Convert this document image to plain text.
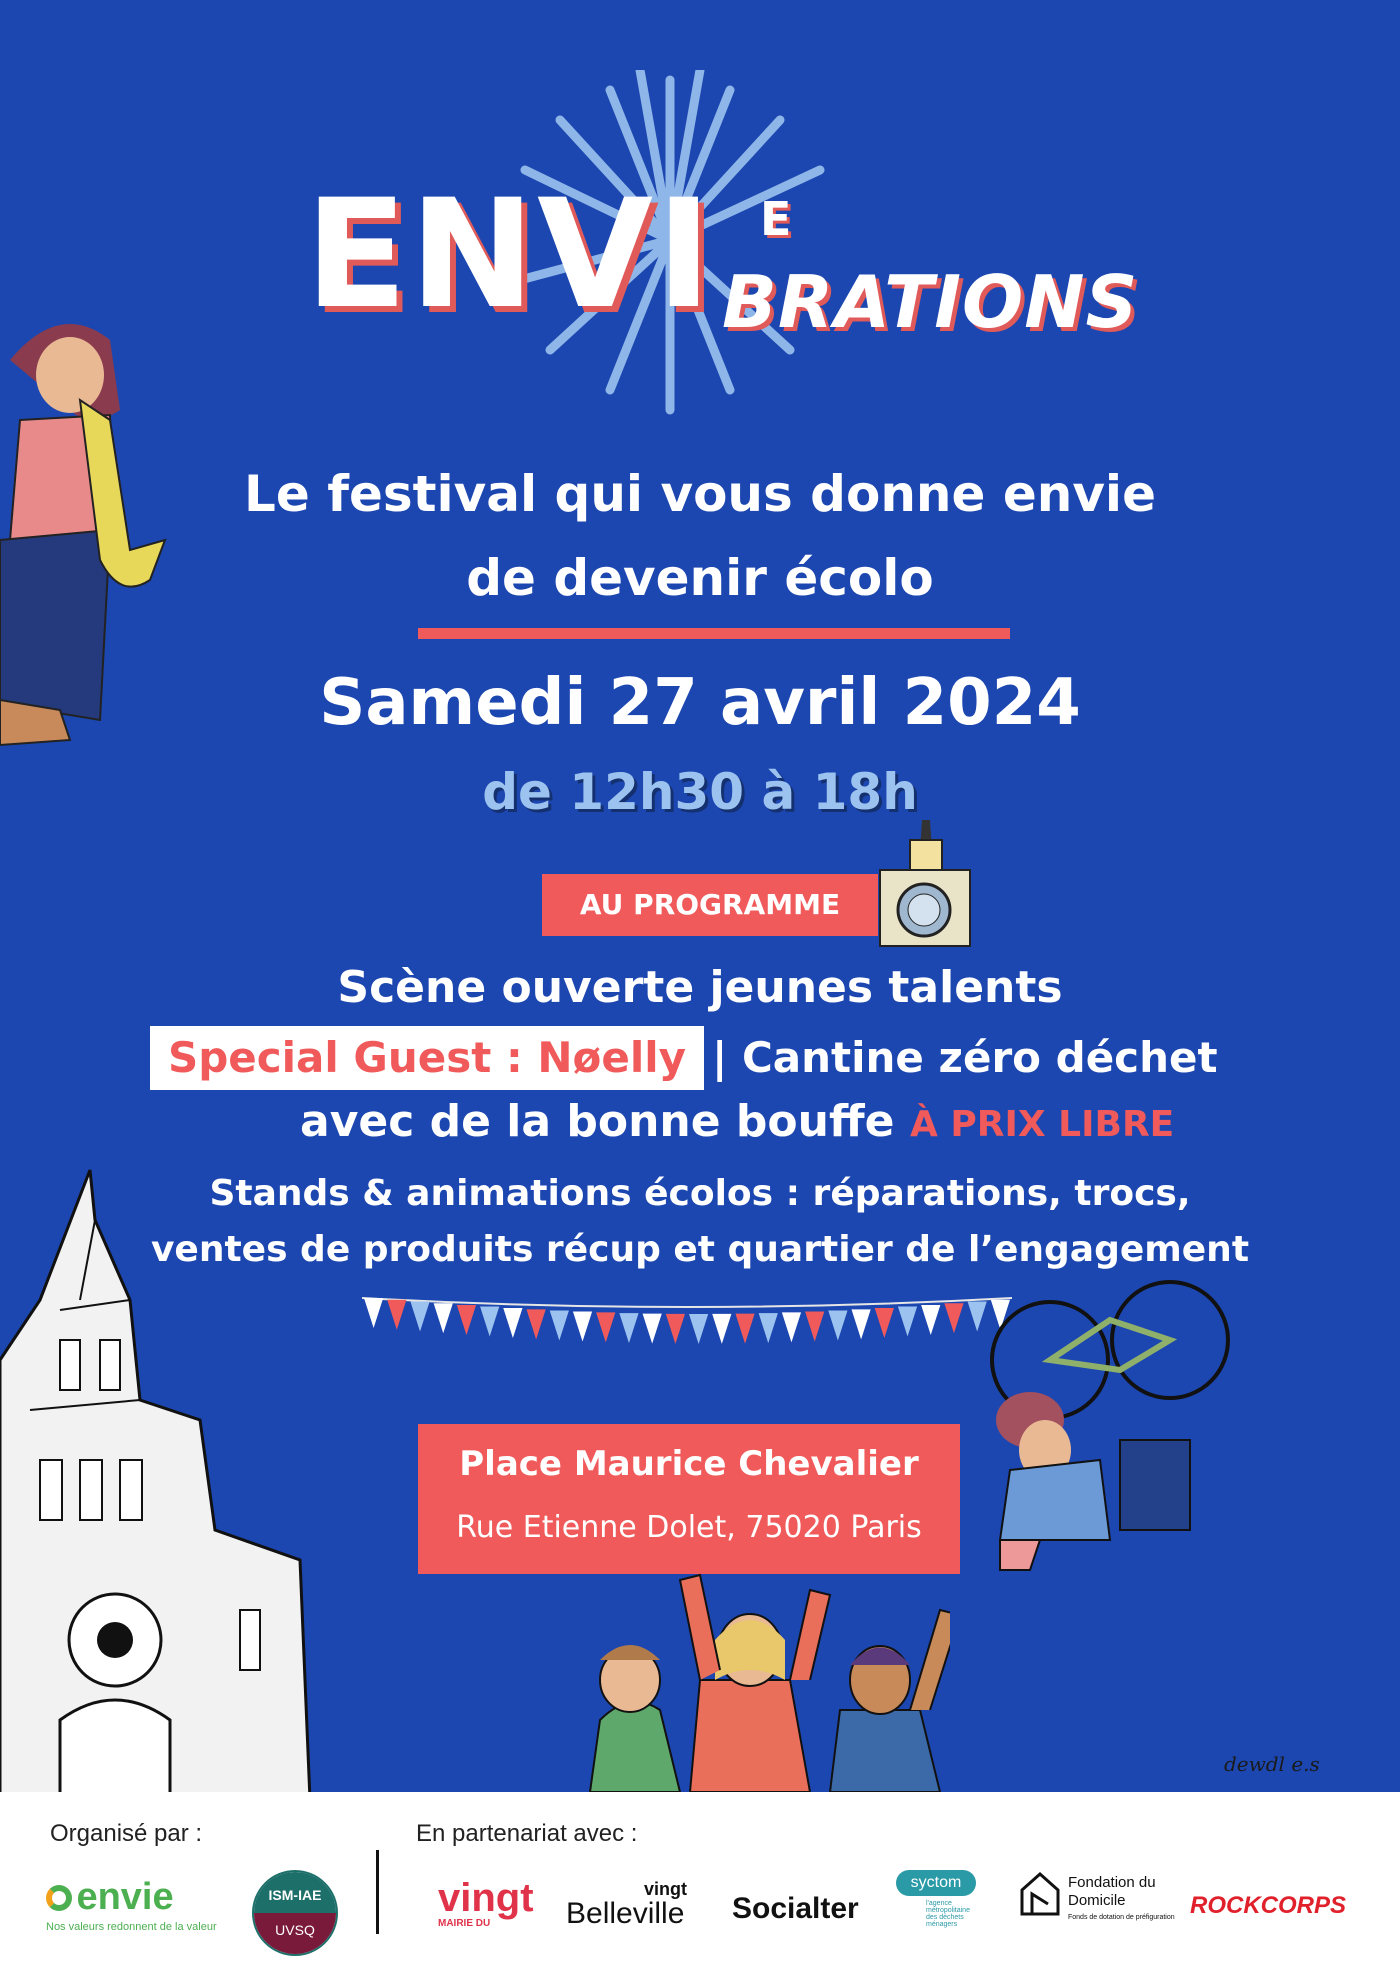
ENV I E
BRATIONS
Le festival qui vous donne envie
de devenir écolo
Samedi 27 avril 2024
de 12h30 à 18h
AU PROGRAMME
Scène ouverte jeunes talents
Special Guest : Nøelly | Cantine zéro déchet
avec de la bonne bouffe À PRIX LIBRE
Stands & animations écolos : réparations, trocs,
ventes de produits récup et quartier de l’engagement
Place Maurice Chevalier
Rue Etienne Dolet, 75020 Paris
dewdl e.s
Organisé par :	En partenariat avec :
envie
Nos valeurs redonnent de la valeur
ISM-IAE
UVSQ
vingt
MAIRIE DU
vingt
Belleville Socialter
syctom
l'agence métropolitaine des déchets ménagers
Fondation du Domicile
Fonds de dotation de préfiguration ROCKCORPS
